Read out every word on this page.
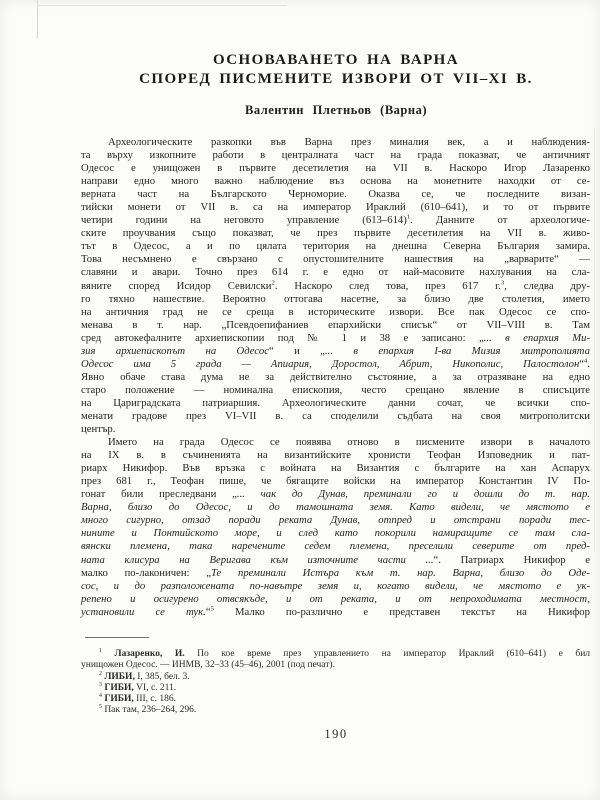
ОСНОВАВАНЕТО НА ВАРНА
СПОРЕД ПИСМЕНИТЕ ИЗВОРИ ОТ VII–XI В.
Валентин Плетньов (Варна)
Археологическите разкопки във Варна през миналия век, а и наблюдения-
та върху изкопните работи в централната част на града показват, че античният
Одесос е унищожен в първите десетилетия на VII в. Наскоро Игор Лазаренко
направи едно много важно наблюдение въз основа на монетните находки от се-
верната част на Българското Черноморие. Оказва се, че последните визан-
тийски монети от VII в. са на император Ираклий (610–641), и то от първите
четири години на неговото управление $(613-614)^1$. Данните от археологиче-
ските проучвания също показват, че през първите десетилетия на VII в. живо-
тът в Одесос, а и по цялата територия на днешна Северна България замира.
Това несъмнено е свързано с опустошителните нашествия на „варварите“ —
славяни и авари. Точно през 614 г. е едно от най-масовите нахлувания на сла-
вяните според Исидор Севилски$^2$. Наскоро след това, през 617 г.$^3$, следва дру-
го тяхно нашествие. Вероятно оттогава насетне, за близо две столетия, името
на античния град не се среща в историческите извори. Все пак Одесос се спо-
менава в т. нар. „Псевдоепифаниев епархийски списък“ от VII–VIII в. Там
сред автокефалните архиепископии под № 1 и 38 е записано: „... в епархия Ми-
зия архиепископът на Одесос“ и „... в епархия I-ва Мизия митрополията
Одесос има 5 града — Апиария, Доростол, Абрит, Никополис, Палостолон“$^4$.
Явно обаче става дума не за действително състояние, а за отразяване на едно
старо положение — номинална епископия, често срещано явление в списъците
на Цариградската патриаршия. Археологическите данни сочат, че всички спо-
менати градове през VI–VII в. са споделили съдбата на своя митрополитски
център.
Името на града Одесос се появява отново в писмените извори в началото
на IX в. в съчиненията на византийските хронисти Теофан Изповедник и пат-
риарх Никифор. Във връзка с войната на Византия с българите на хан Аспарух
през 681 г., Теофан пише, че бягащите войски на император Константин IV По-
гонат били преследвани „... чак до Дунав, преминали го и дошли до т. нар.
Варна, близо до Одесос, и до тамошната земя. Като видели, че мястото е
много сигурно, отзад поради реката Дунав, отпред и отстрани поради тес-
нините и Понтийското море, и след като покорили намиращите се там сла-
вянски племена, така наречените седем племена, преселили северите от пред-
ната клисура на Веригава към източните части ...“. Патриарх Никифор е
малко по-лаконичен: „Те преминали Истъра към т. нар. Варна, близо до Оде-
сос, и до разположената по-навътре земя и, когато видели, че мястото е ук-
репено и осигурено отвсякъде, и от реката, и от непроходимата местност,
установили се тук.“$^5$ Малко по-различно е представен текстът на Никифор
$^1$ Лазаренко, И. По кое време през управлението на император Ираклий (610–641) е бил
унищожен Одесос. — ИНМВ, 32–33 (45–46), 2001 (под печат).
$^2$ ЛИБИ, I, 385, бел. 3.
$^3$ ГИБИ, VI, с. 211.
$^4$ ГИБИ, III, с. 186.
$^5$ Пак там, 236–264, 296.
190
